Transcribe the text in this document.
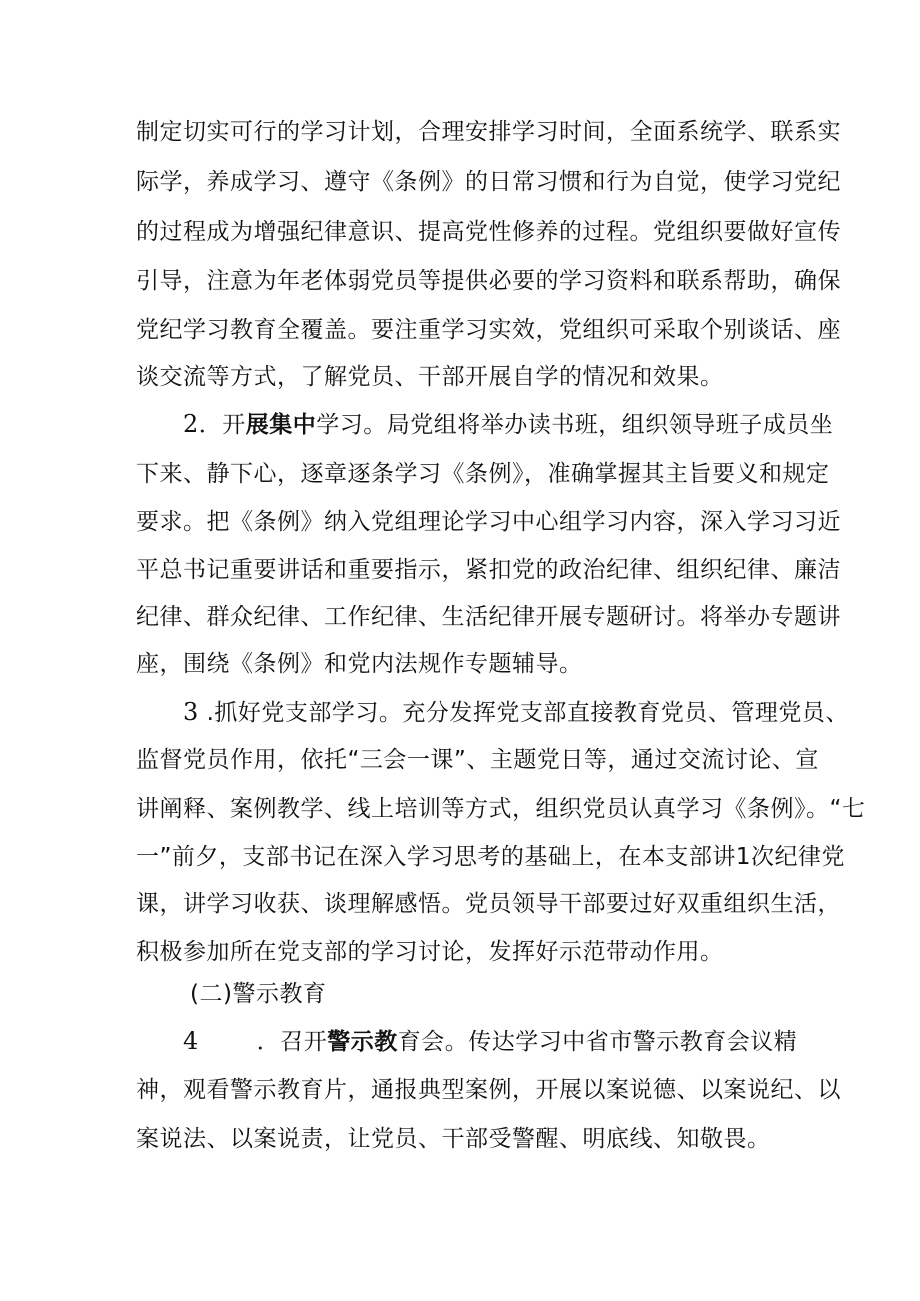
制定切实可行的学习计划，合理安排学习时间，全面系统学、联系实
际学，养成学习、遵守《条例》的日常习惯和行为自觉，使学习党纪
的过程成为增强纪律意识、提高党性修养的过程。党组织要做好宣传
引导，注意为年老体弱党员等提供必要的学习资料和联系帮助，确保
党纪学习教育全覆盖。要注重学习实效，党组织可采取个别谈话、座
谈交流等方式，了解党员、干部开展自学的情况和效果。
2．开展集中学习。局党组将举办读书班，组织领导班子成员坐
下来、静下心，逐章逐条学习《条例》，准确掌握其主旨要义和规定
要求。把《条例》纳入党组理论学习中心组学习内容，深入学习习近
平总书记重要讲话和重要指示，紧扣党的政治纪律、组织纪律、廉洁
纪律、群众纪律、工作纪律、生活纪律开展专题研讨。将举办专题讲
座，围绕《条例》和党内法规作专题辅导。
3 .抓好党支部学习。充分发挥党支部直接教育党员、管理党员、
监督党员作用，依托“三会一课”、主题党日等，通过交流讨论、宣
讲阐释、案例教学、线上培训等方式，组织党员认真学习《条例》。“七
一”前夕，支部书记在深入学习思考的基础上，在本支部讲1次纪律党
课，讲学习收获、谈理解感悟。党员领导干部要过好双重组织生活，
积极参加所在党支部的学习讨论，发挥好示范带动作用。
(二)警示教育
4	．召开警示教育会。传达学习中省市警示教育会议精
神，观看警示教育片，通报典型案例，开展以案说德、以案说纪、以
案说法、以案说责，让党员、干部受警醒、明底线、知敬畏。
